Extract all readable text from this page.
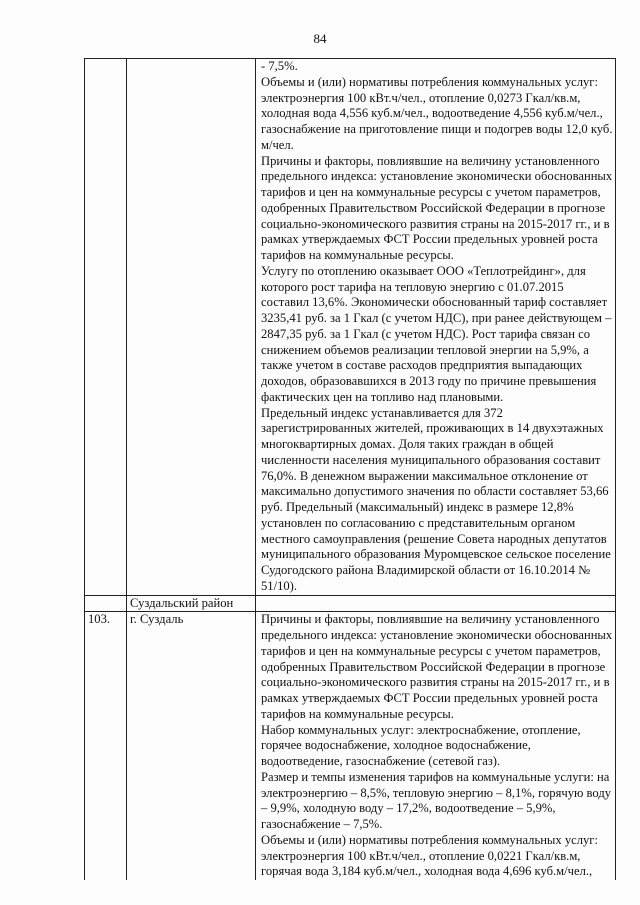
84

		- 7,5%.

Объемы и (или) нормативы потребления коммунальных услуг: электроэнергия 100 кВт.ч/чел., отопление 0,0273 Гкал/кв.м, холодная вода 4,556 куб.м/чел., водоотведение 4,556 куб.м/чел., газоснабжение на приготовление пищи и подогрев воды 12,0 куб. м/чел.

Причины и факторы, повлиявшие на величину установленного предельного индекса: установление экономически обоснованных тарифов и цен на коммунальные ресурсы с учетом параметров, одобренных Правительством Российской Федерации в прогнозе социально-экономического развития страны на 2015-2017 гг., и в рамках утверждаемых ФСТ России предельных уровней роста тарифов на коммунальные ресурсы.

Услугу по отоплению оказывает ООО «Теплотрейдинг», для которого рост тарифа на тепловую энергию с 01.07.2015 составил 13,6%. Экономически обоснованный тариф составляет 3235,41 руб. за 1 Гкал (с учетом НДС), при ранее действующем – 2847,35 руб. за 1 Гкал (с учетом НДС). Рост тарифа связан со снижением объемов реализации тепловой энергии на 5,9%, а также учетом в составе расходов предприятия выпадающих доходов, образовавшихся в 2013 году по причине превышения фактических цен на топливо над плановыми.

Предельный индекс устанавливается для 372 зарегистрированных жителей, проживающих в 14 двухэтажных многоквартирных домах. Доля таких граждан в общей численности населения муниципального образования составит 76,0%. В денежном выражении максимальное отклонение от максимально допустимого значения по области составляет 53,66 руб. Предельный (максимальный) индекс в размере 12,8% установлен по согласованию с представительным органом местного самоуправления (решение Совета народных депутатов муниципального образования Муромцевское сельское поселение Судогодского района Владимирской области от 16.10.2014 № 51/10).

	Суздальский район	
103.	г. Суздаль	Причины и факторы, повлиявшие на величину установленного предельного индекса: установление экономически обоснованных тарифов и цен на коммунальные ресурсы с учетом параметров, одобренных Правительством Российской Федерации в прогнозе социально-экономического развития страны на 2015-2017 гг., и в рамках утверждаемых ФСТ России предельных уровней роста тарифов на коммунальные ресурсы.

Набор коммунальных услуг: электроснабжение, отопление, горячее водоснабжение, холодное водоснабжение, водоотведение, газоснабжение (сетевой газ).

Размер и темпы изменения тарифов на коммунальные услуги: на электроэнергию – 8,5%, тепловую энергию – 8,1%, горячую воду – 9,9%, холодную воду – 17,2%, водоотведение – 5,9%, газоснабжение – 7,5%.

Объемы и (или) нормативы потребления коммунальных услуг: электроэнергия 100 кВт.ч/чел., отопление 0,0221 Гкал/кв.м, горячая вода 3,184 куб.м/чел., холодная вода 4,696 куб.м/чел.,
